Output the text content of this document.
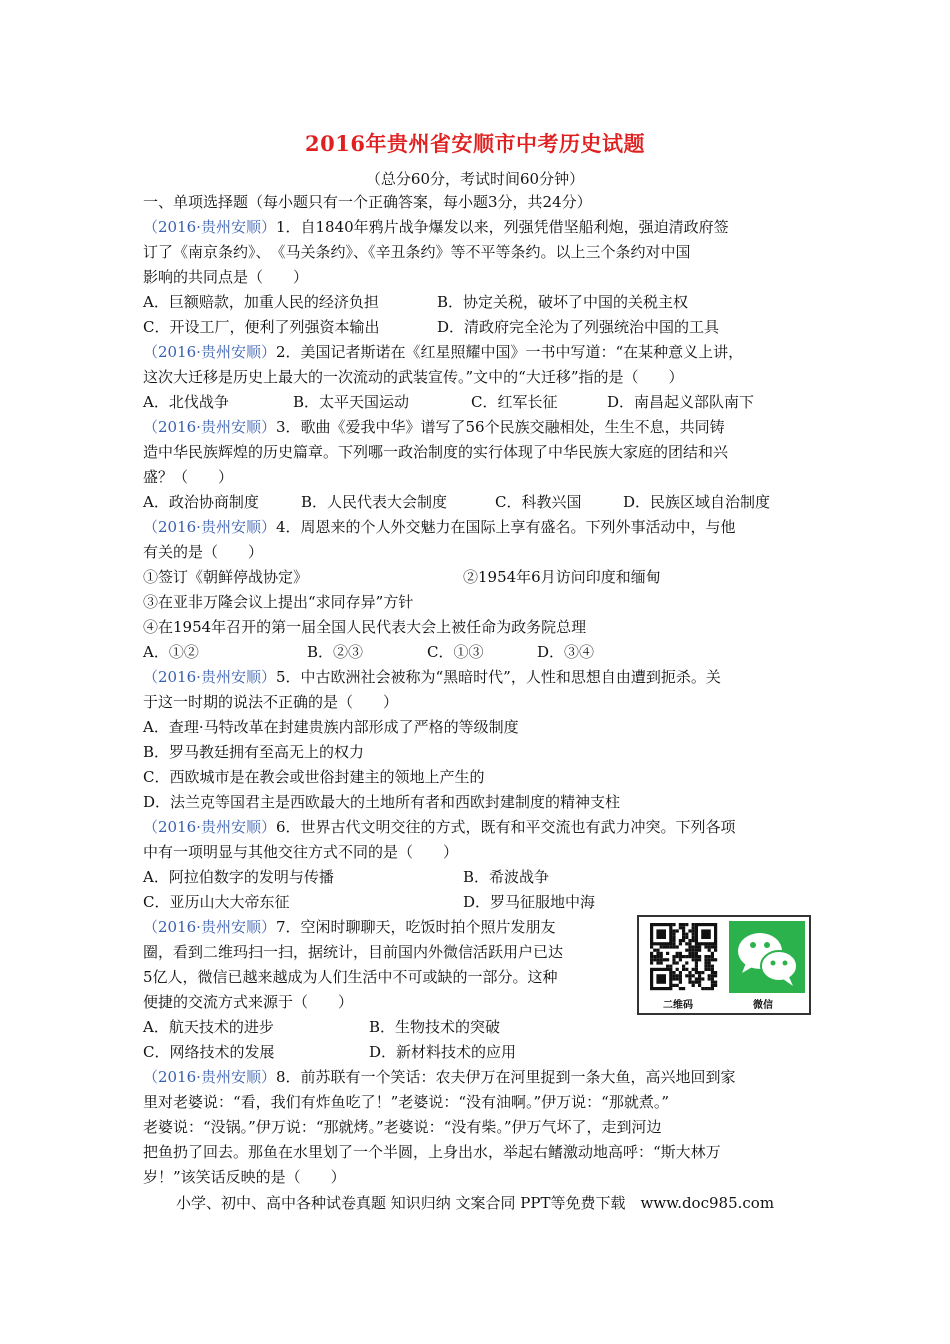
2016年贵州省安顺市中考历史试题
（总分60分，考试时间60分钟）
一、单项选择题（每小题只有一个正确答案，每小题3分，共24分）
（2016·贵州安顺）1．自1840年鸦片战争爆发以来，列强凭借坚船利炮，强迫清政府签
订了《南京条约》、　《马关条约》、《辛丑条约》等不平等条约。以上三个条约对中国
影响的共同点是（　　）
A．巨额赔款，加重人民的经济负担	B．协定关税，破坏了中国的关税主权
C．开设工厂，便利了列强资本输出	D．清政府完全沦为了列强统治中国的工具
（2016·贵州安顺）2．美国记者斯诺在《红星照耀中国》一书中写道：“在某种意义上讲，
这次大迁移是历史上最大的一次流动的武装宣传。”文中的“大迁移”指的是（　　）
A．北伐战争	B．太平天国运动	C．红军长征	D．南昌起义部队南下
（2016·贵州安顺）3．歌曲《爱我中华》谱写了56个民族交融相处，生生不息，共同铸
造中华民族辉煌的历史篇章。下列哪一政治制度的实行体现了中华民族大家庭的团结和兴
盛？（　　）
A．政治协商制度	B．人民代表大会制度	C．科教兴国	D．民族区域自治制度
（2016·贵州安顺）4．周恩来的个人外交魅力在国际上享有盛名。下列外事活动中，与他
有关的是（　　）
①签订《朝鲜停战协定》	②1954年6月访问印度和缅甸
③在亚非万隆会议上提出“求同存异”方针
④在1954年召开的第一届全国人民代表大会上被任命为政务院总理
A．①②	B．②③	C．①③	D．③④
（2016·贵州安顺）5．中古欧洲社会被称为“黑暗时代”，人性和思想自由遭到扼杀。关
于这一时期的说法不正确的是（　　）
A．查理·马特改革在封建贵族内部形成了严格的等级制度
B．罗马教廷拥有至高无上的权力
C．西欧城市是在教会或世俗封建主的领地上产生的
D．法兰克等国君主是西欧最大的土地所有者和西欧封建制度的精神支柱
（2016·贵州安顺）6．世界古代文明交往的方式，既有和平交流也有武力冲突。下列各项
中有一项明显与其他交往方式不同的是（　　）
A．阿拉伯数字的发明与传播	B．希波战争
C．亚历山大大帝东征	D．罗马征服地中海
（2016·贵州安顺）7．空闲时聊聊天，吃饭时拍个照片发朋友
圈，看到二维玛扫一扫，据统计，目前国内外微信活跃用户已达
5亿人，微信已越来越成为人们生活中不可或缺的一部分。这种
便捷的交流方式来源于（　　）
A．航天技术的进步	B．生物技术的突破
C．网络技术的发展	D．新材料技术的应用
（2016·贵州安顺）8．前苏联有一个笑话：农夫伊万在河里捉到一条大鱼，高兴地回到家
里对老婆说：“看，我们有炸鱼吃了！”老婆说：“没有油啊。”伊万说：“那就煮。”
老婆说：“没锅。”伊万说：“那就烤。”老婆说：“没有柴。”伊万气坏了，走到河边
把鱼扔了回去。那鱼在水里划了一个半圆，上身出水，举起右鳍激动地高呼：“斯大林万
岁！”该笑话反映的是（　　）
二维码	微信
小学、初中、高中各种试卷真题 知识归纳 文案合同 PPT等免费下载　www.doc985.com
